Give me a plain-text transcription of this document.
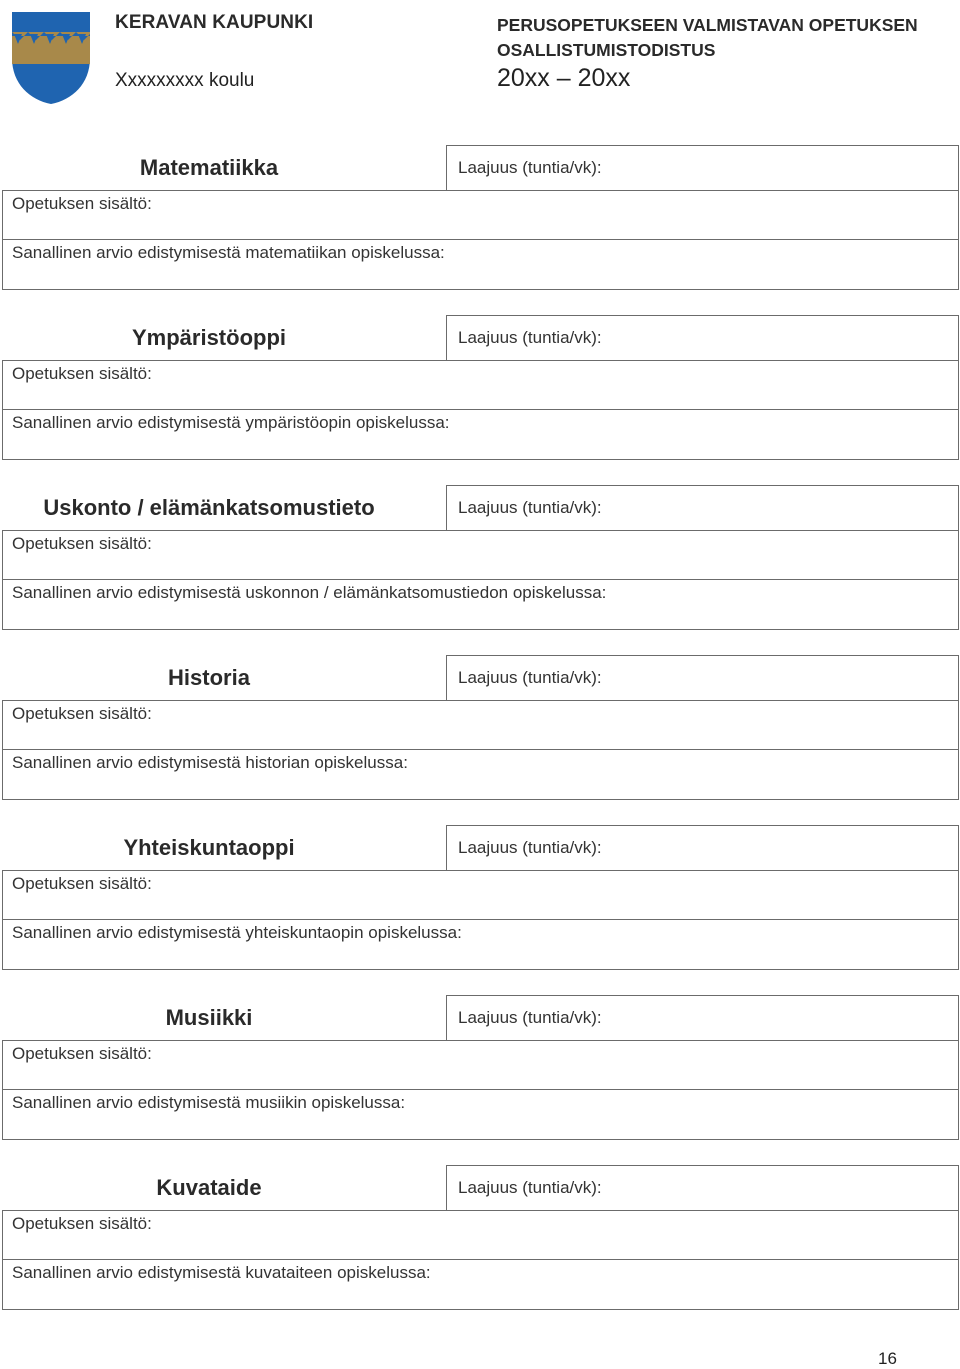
KERAVAN KAUPUNKI
Xxxxxxxxx koulu
PERUSOPETUKSEEN VALMISTAVAN OPETUKSEN OSALLISTUMISTODISTUS
20xx – 20xx
Matematiikka	Laajuus (tuntia/vk):
Opetuksen sisältö:
Sanallinen arvio edistymisestä matematiikan opiskelussa:
Ympäristöoppi	Laajuus (tuntia/vk):
Opetuksen sisältö:
Sanallinen arvio edistymisestä ympäristöopin opiskelussa:
Uskonto / elämänkatsomustieto	Laajuus (tuntia/vk):
Opetuksen sisältö:
Sanallinen arvio edistymisestä uskonnon / elämänkatsomustiedon opiskelussa:
Historia	Laajuus (tuntia/vk):
Opetuksen sisältö:
Sanallinen arvio edistymisestä historian opiskelussa:
Yhteiskuntaoppi	Laajuus (tuntia/vk):
Opetuksen sisältö:
Sanallinen arvio edistymisestä yhteiskuntaopin opiskelussa:
Musiikki	Laajuus (tuntia/vk):
Opetuksen sisältö:
Sanallinen arvio edistymisestä musiikin opiskelussa:
Kuvataide	Laajuus (tuntia/vk):
Opetuksen sisältö:
Sanallinen arvio edistymisestä kuvataiteen opiskelussa:
16
